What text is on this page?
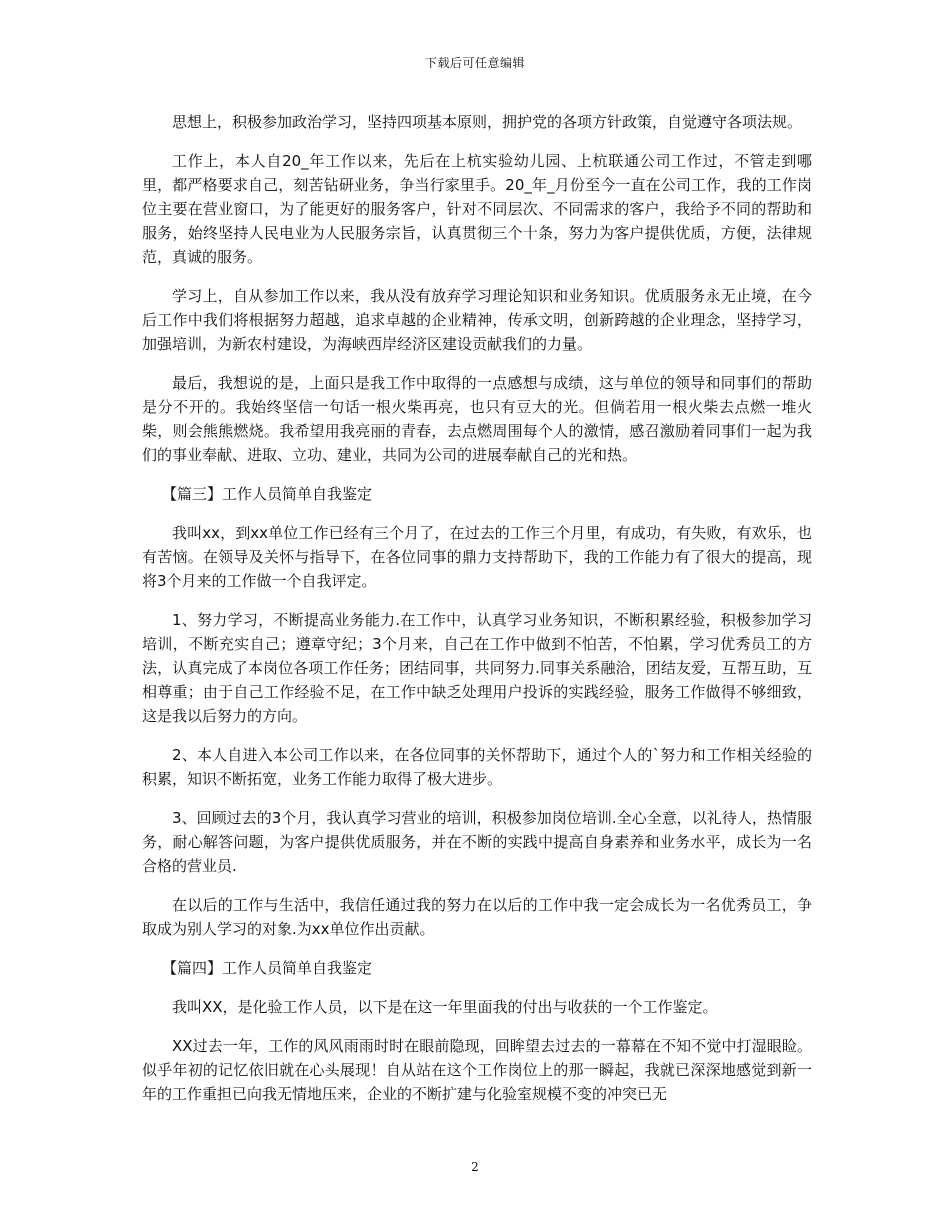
下载后可任意编辑

思想上，积极参加政治学习，坚持四项基本原则，拥护党的各项方针政策，自觉遵守各项法规。

工作上，本人自20_年工作以来，先后在上杭实验幼儿园、上杭联通公司工作过，不管走到哪里，都严格要求自己，刻苦钻研业务，争当行家里手。20_年_月份至今一直在公司工作，我的工作岗位主要在营业窗口，为了能更好的服务客户，针对不同层次、不同需求的客户，我给予不同的帮助和服务，始终坚持人民电业为人民服务宗旨，认真贯彻三个十条，努力为客户提供优质，方便，法律规范，真诚的服务。

学习上，自从参加工作以来，我从没有放弃学习理论知识和业务知识。优质服务永无止境，在今后工作中我们将根据努力超越，追求卓越的企业精神，传承文明，创新跨越的企业理念，坚持学习，加强培训，为新农村建设，为海峡西岸经济区建设贡献我们的力量。

最后，我想说的是，上面只是我工作中取得的一点感想与成绩，这与单位的领导和同事们的帮助是分不开的。我始终坚信一句话一根火柴再亮，也只有豆大的光。但倘若用一根火柴去点燃一堆火柴，则会熊熊燃烧。我希望用我亮丽的青春，去点燃周围每个人的激情，感召激励着同事们一起为我们的事业奉献、进取、立功、建业，共同为公司的进展奉献自己的光和热。

【篇三】工作人员简单自我鉴定

我叫xx，到xx单位工作已经有三个月了，在过去的工作三个月里，有成功，有失败，有欢乐，也有苦恼。在领导及关怀与指导下，在各位同事的鼎力支持帮助下，我的工作能力有了很大的提高，现将3个月来的工作做一个自我评定。

1、努力学习，不断提高业务能力.在工作中，认真学习业务知识，不断积累经验，积极参加学习培训，不断充实自己；遵章守纪；3个月来，自己在工作中做到不怕苦，不怕累，学习优秀员工的方法，认真完成了本岗位各项工作任务；团结同事，共同努力.同事关系融洽，团结友爱，互帮互助，互相尊重；由于自己工作经验不足，在工作中缺乏处理用户投诉的实践经验，服务工作做得不够细致，这是我以后努力的方向。

2、本人自进入本公司工作以来，在各位同事的关怀帮助下，通过个人的`努力和工作相关经验的积累，知识不断拓宽，业务工作能力取得了极大进步。

3、回顾过去的3个月，我认真学习营业的培训，积极参加岗位培训.全心全意，以礼待人，热情服务，耐心解答问题，为客户提供优质服务，并在不断的实践中提高自身素养和业务水平，成长为一名合格的营业员.

在以后的工作与生活中，我信任通过我的努力在以后的工作中我一定会成长为一名优秀员工，争取成为别人学习的对象.为xx单位作出贡献。

【篇四】工作人员简单自我鉴定

我叫XX，是化验工作人员，以下是在这一年里面我的付出与收获的一个工作鉴定。

XX过去一年，工作的风风雨雨时时在眼前隐现，回眸望去过去的一幕幕在不知不觉中打湿眼睑。似乎年初的记忆依旧就在心头展现！自从站在这个工作岗位上的那一瞬起，我就已深深地感觉到新一年的工作重担已向我无情地压来，企业的不断扩建与化验室规模不变的冲突已无

2
